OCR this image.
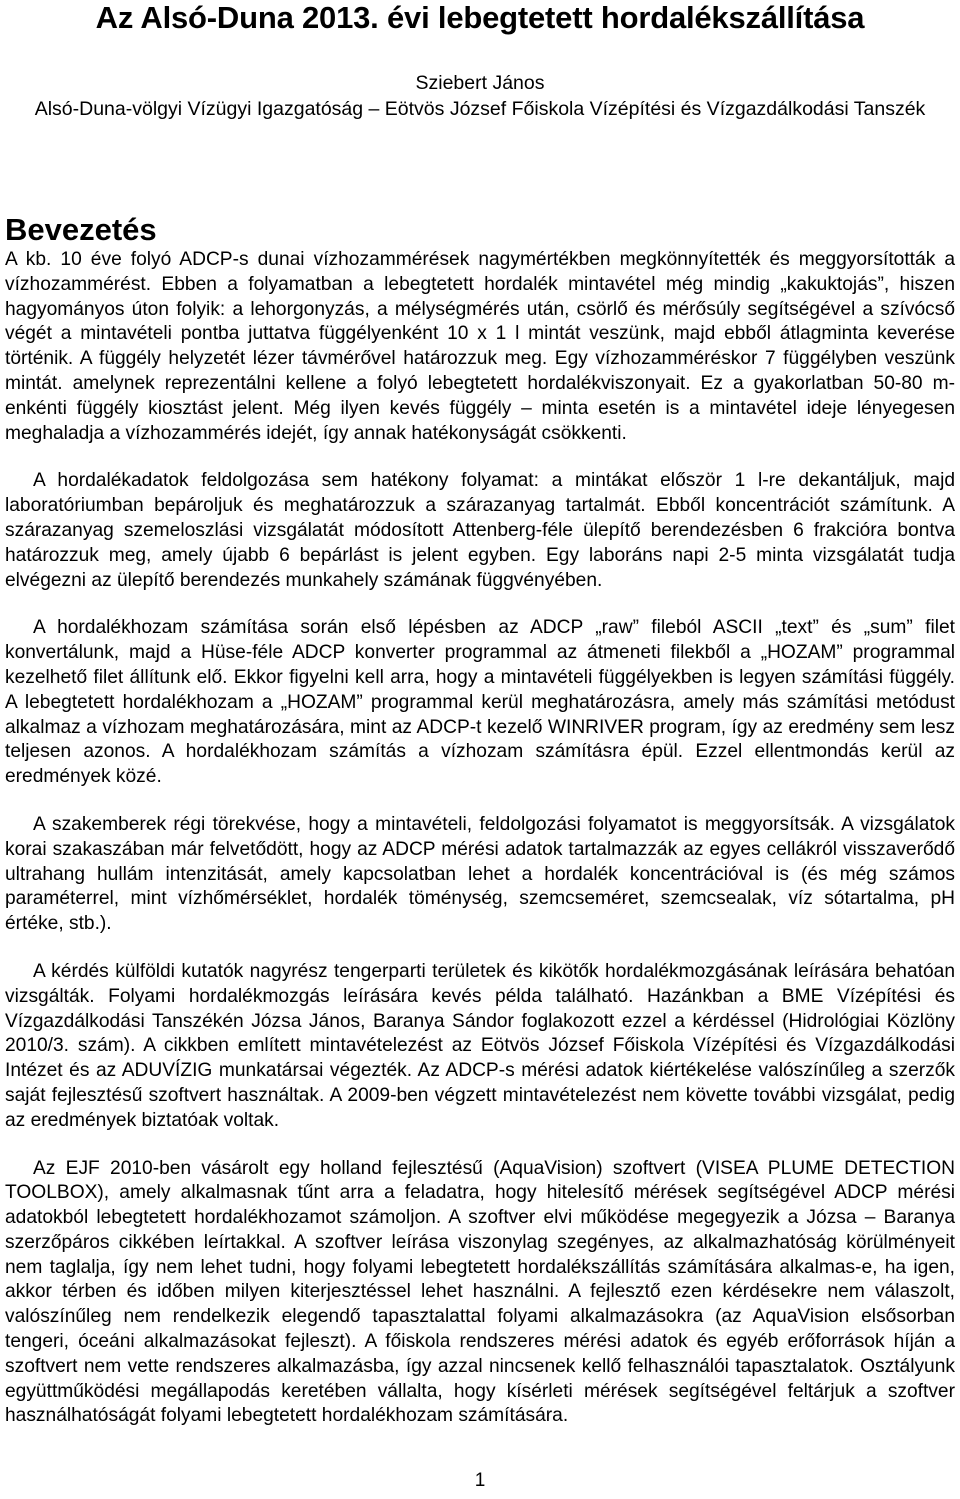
Az Alsó-Duna 2013. évi lebegtetett hordalékszállítása

Sziebert János

Alsó-Duna-völgyi Vízügyi Igazgatóság – Eötvös József Főiskola Vízépítési és Vízgazdálkodási Tanszék

Bevezetés

A kb. 10 éve folyó ADCP-s dunai vízhozammérések nagymértékben megkönnyítették és meggyorsították a vízhozammérést. Ebben a folyamatban a lebegtetett hordalék mintavétel még mindig „kakuktojás”, hiszen hagyományos úton folyik: a lehorgonyzás, a mélységmérés után, csörlő és mérősúly segítségével a szívócső végét a mintavételi pontba juttatva függélyenként 10 x 1 l mintát veszünk, majd ebből átlagminta keverése történik. A függély helyzetét lézer távmérővel határozzuk meg. Egy vízhozamméréskor 7 függélyben veszünk mintát. amelynek reprezentálni kellene a folyó lebegtetett hordalékviszonyait. Ez a gyakorlatban 50-80 m-enkénti függély kiosztást jelent. Még ilyen kevés függély – minta esetén is a mintavétel ideje lényegesen meghaladja a vízhozammérés idejét, így annak hatékonyságát csökkenti.

A hordalékadatok feldolgozása sem hatékony folyamat: a mintákat először 1 l-re dekantáljuk, majd laboratóriumban bepároljuk és meghatározzuk a szárazanyag tartalmát. Ebből koncentrációt számítunk. A szárazanyag szemeloszlási vizsgálatát módosított Attenberg-féle ülepítő berendezésben 6 frakcióra bontva határozzuk meg, amely újabb 6 bepárlást is jelent egyben. Egy laboráns napi 2-5 minta vizsgálatát tudja elvégezni az ülepítő berendezés munkahely számának függvényében.

A hordalékhozam számítása során első lépésben az ADCP „raw” fileból ASCII „text” és „sum” filet konvertálunk, majd a Hüse-féle ADCP konverter programmal az átmeneti filekből a „HOZAM” programmal kezelhető filet állítunk elő. Ekkor figyelni kell arra, hogy a mintavételi függélyekben is legyen számítási függély. A lebegtetett hordalékhozam a „HOZAM” programmal kerül meghatározásra, amely más számítási metódust alkalmaz a vízhozam meghatározására, mint az ADCP-t kezelő WINRIVER program, így az eredmény sem lesz teljesen azonos. A hordalékhozam számítás a vízhozam számításra épül. Ezzel ellentmondás kerül az eredmények közé.

A szakemberek régi törekvése, hogy a mintavételi, feldolgozási folyamatot is meggyorsítsák. A vizsgálatok korai szakaszában már felvetődött, hogy az ADCP mérési adatok tartalmazzák az egyes cellákról visszaverődő ultrahang hullám intenzitását, amely kapcsolatban lehet a hordalék koncentrációval is (és még számos paraméterrel, mint vízhőmérséklet, hordalék töménység, szemcseméret, szemcsealak, víz sótartalma, pH értéke, stb.).

A kérdés külföldi kutatók nagyrész tengerparti területek és kikötők hordalékmozgásának leírására behatóan vizsgálták. Folyami hordalékmozgás leírására kevés példa található. Hazánkban a BME Vízépítési és Vízgazdálkodási Tanszékén Józsa János, Baranya Sándor foglakozott ezzel a kérdéssel (Hidrológiai Közlöny 2010/3. szám). A cikkben említett mintavételezést az Eötvös József Főiskola Vízépítési és Vízgazdálkodási Intézet és az ADUVÍZIG munkatársai végezték. Az ADCP-s mérési adatok kiértékelése valószínűleg a szerzők saját fejlesztésű szoftvert használtak. A 2009-ben végzett mintavételezést nem követte további vizsgálat, pedig az eredmények biztatóak voltak.

Az EJF 2010-ben vásárolt egy holland fejlesztésű (AquaVision) szoftvert (VISEA PLUME DETECTION TOOLBOX), amely alkalmasnak tűnt arra a feladatra, hogy hitelesítő mérések segítségével ADCP mérési adatokból lebegtetett hordalékhozamot számoljon. A szoftver elvi működése megegyezik a Józsa – Baranya szerzőpáros cikkében leírtakkal. A szoftver leírása viszonylag szegényes, az alkalmazhatóság körülményeit nem taglalja, így nem lehet tudni, hogy folyami lebegtetett hordalékszállítás számítására alkalmas-e, ha igen, akkor térben és időben milyen kiterjesztéssel lehet használni. A fejlesztő ezen kérdésekre nem válaszolt, valószínűleg nem rendelkezik elegendő tapasztalattal folyami alkalmazásokra (az AquaVision elsősorban tengeri, óceáni alkalmazásokat fejleszt). A főiskola rendszeres mérési adatok és egyéb erőforrások híján a szoftvert nem vette rendszeres alkalmazásba, így azzal nincsenek kellő felhasználói tapasztalatok. Osztályunk együttműködési megállapodás keretében vállalta, hogy kísérleti mérések segítségével feltárjuk a szoftver használhatóságát folyami lebegtetett hordalékhozam számítására.

1
